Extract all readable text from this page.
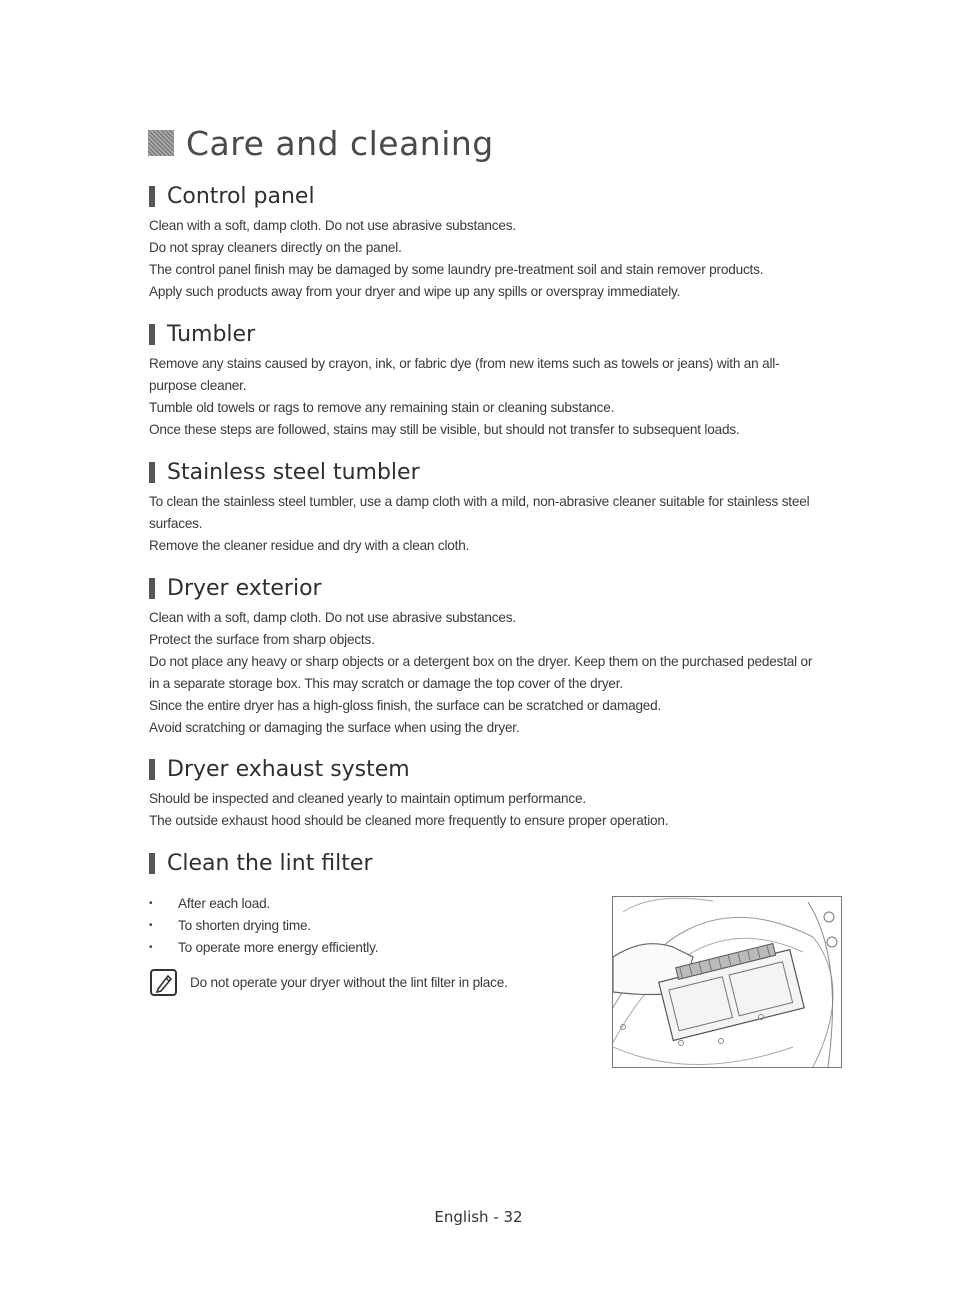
Care and cleaning
Control panel

Clean with a soft, damp cloth. Do not use abrasive substances.

Do not spray cleaners directly on the panel.

The control panel finish may be damaged by some laundry pre-treatment soil and stain remover products.

Apply such products away from your dryer and wipe up any spills or overspray immediately.

Tumbler

Remove any stains caused by crayon, ink, or fabric dye (from new items such as towels or jeans) with an all-

purpose cleaner.

Tumble old towels or rags to remove any remaining stain or cleaning substance.

Once these steps are followed, stains may still be visible, but should not transfer to subsequent loads.

Stainless steel tumbler

To clean the stainless steel tumbler, use a damp cloth with a mild, non-abrasive cleaner suitable for stainless steel

surfaces.

Remove the cleaner residue and dry with a clean cloth.

Dryer exterior

Clean with a soft, damp cloth. Do not use abrasive substances.

Protect the surface from sharp objects.

Do not place any heavy or sharp objects or a detergent box on the dryer. Keep them on the purchased pedestal or

in a separate storage box. This may scratch or damage the top cover of the dryer.

Since the entire dryer has a high-gloss finish, the surface can be scratched or damaged.

Avoid scratching or damaging the surface when using the dryer.

Dryer exhaust system

Should be inspected and cleaned yearly to maintain optimum performance.

The outside exhaust hood should be cleaned more frequently to ensure proper operation.

Clean the lint filter
•	After each load.
•	To shorten drying time.
•	To operate more energy efficiently.
Do not operate your dryer without the lint filter in place.
English - 32
